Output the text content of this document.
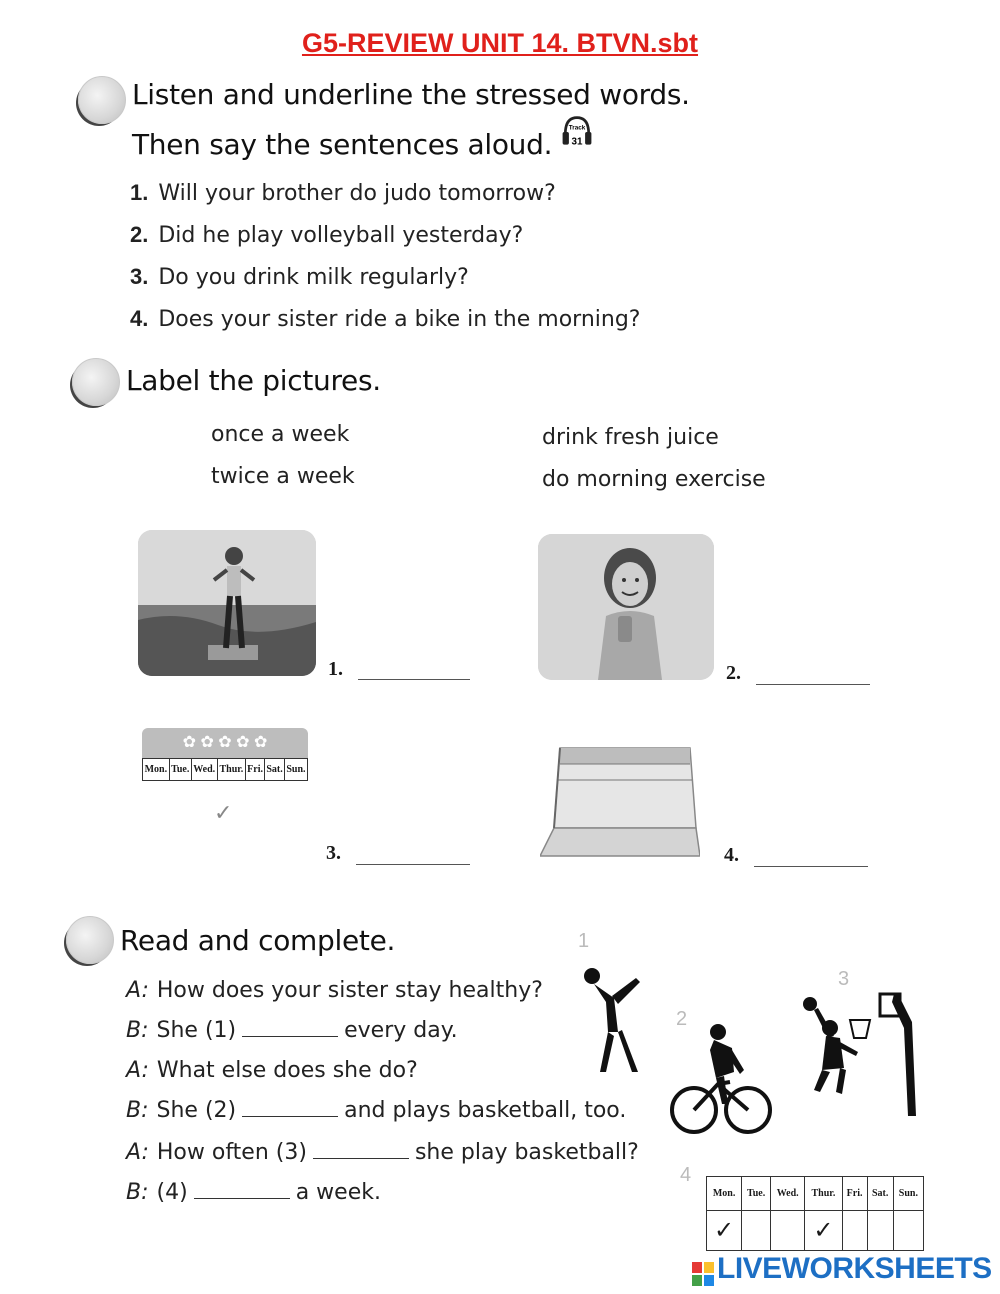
G5-REVIEW UNIT 14. BTVN.sbt
Listen and underline the stressed words.
Then say the sentences aloud.
Track
31
1. Will your brother do judo tomorrow?
2. Did he play volleyball yesterday?
3. Do you drink milk regularly?
4. Does your sister ride a bike in the morning?
Label the pictures.
once a week
twice a week
drink fresh juice
do morning exercise
1.	2.
✿ ✿ ✿ ✿ ✿
Mon.	Tue.	Wed.	Thur.	Fri.	Sat.	Sun.
✓
3.	4.
Read and complete.
A: How does your sister stay healthy?
B: She (1)	every day.
A: What else does she do?
B: She (2)	and plays basketball, too.
A: How often (3)	she play basketball?
B: (4)	a week.
1
2
3
4
Mon.	Tue.	Wed.	Thur.	Fri.	Sat.	Sun.
✓			✓			
LIVEWORKSHEETS
